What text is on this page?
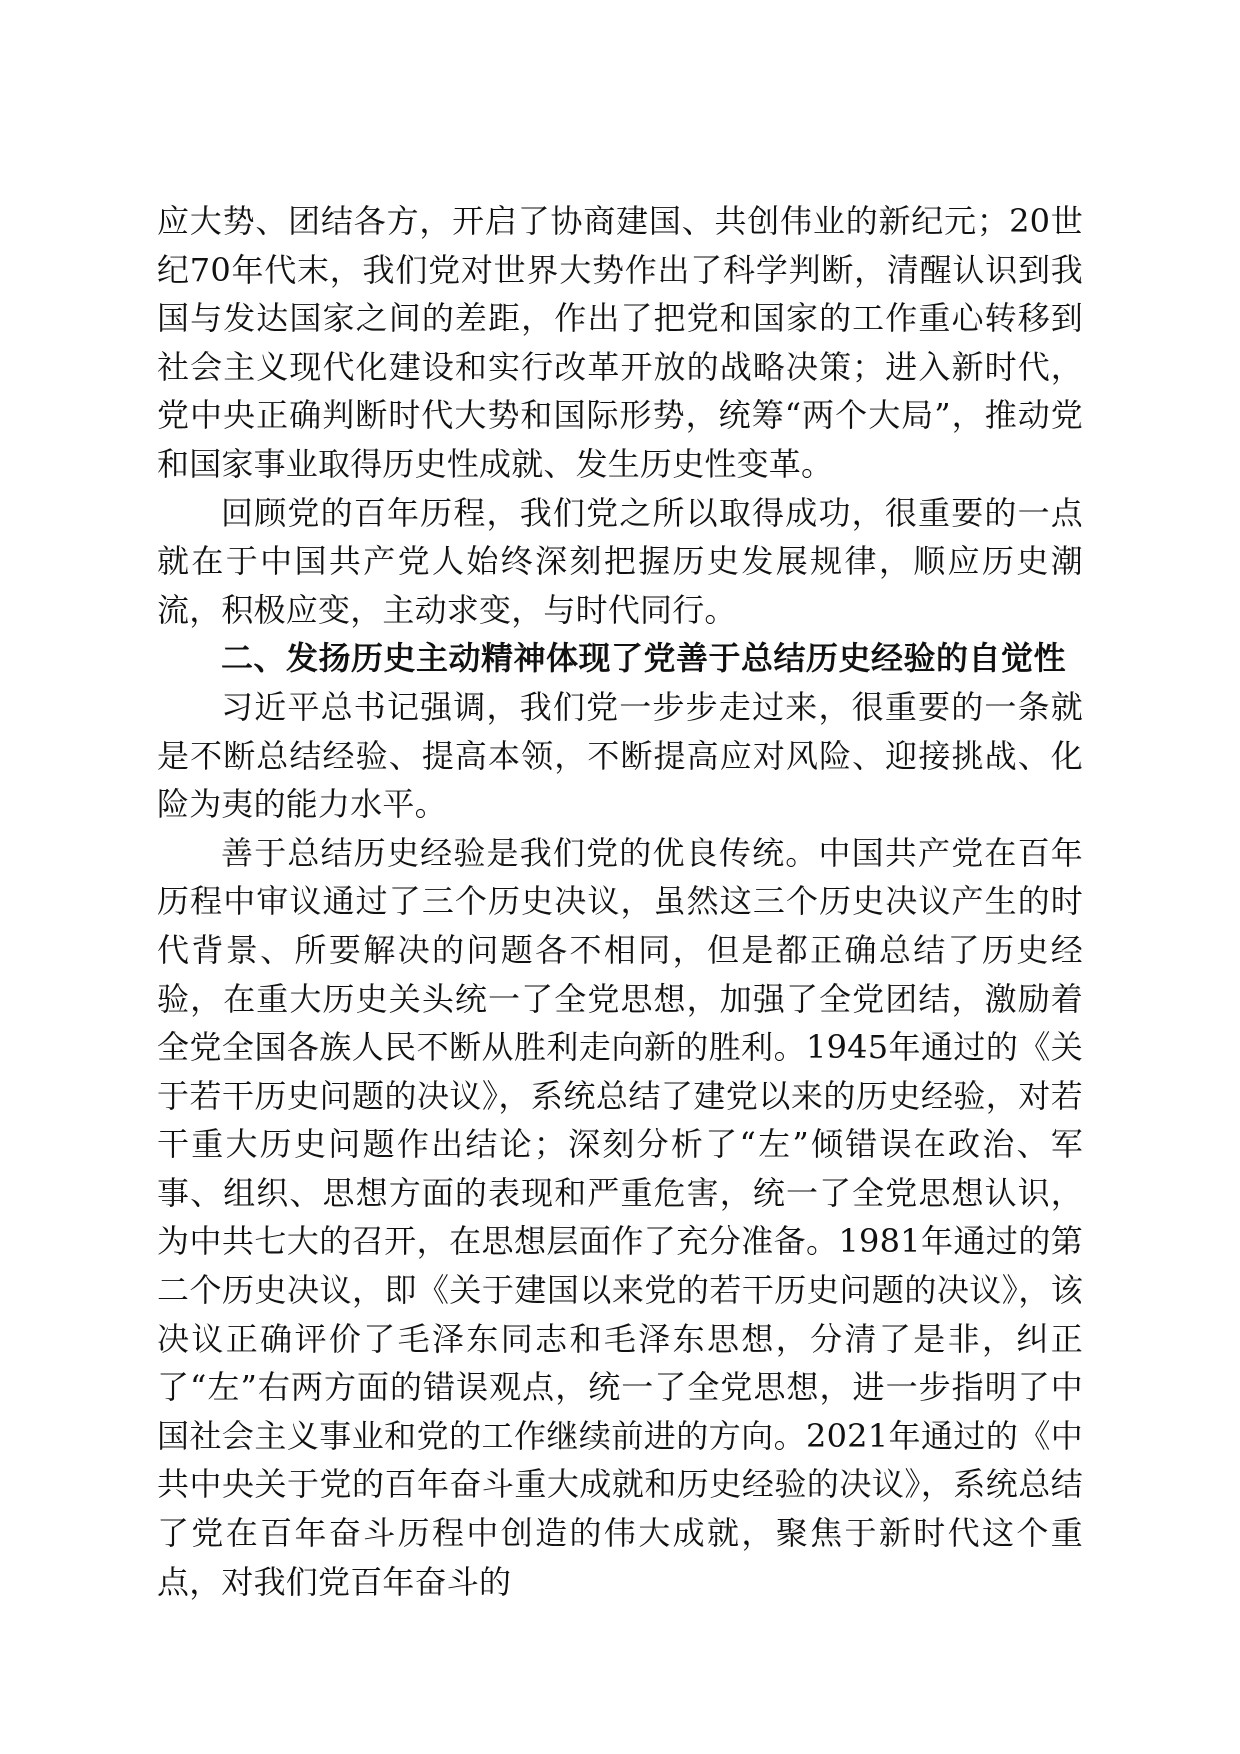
应大势、团结各方，开启了协商建国、共创伟业的新纪元；20世纪70年代末，我们党对世界大势作出了科学判断，清醒认识到我国与发达国家之间的差距，作出了把党和国家的工作重心转移到社会主义现代化建设和实行改革开放的战略决策；进入新时代，党中央正确判断时代大势和国际形势，统筹“两个大局”，推动党和国家事业取得历史性成就、发生历史性变革。

回顾党的百年历程，我们党之所以取得成功，很重要的一点就在于中国共产党人始终深刻把握历史发展规律，顺应历史潮流，积极应变，主动求变，与时代同行。

二、发扬历史主动精神体现了党善于总结历史经验的自觉性

习近平总书记强调，我们党一步步走过来，很重要的一条就是不断总结经验、提高本领，不断提高应对风险、迎接挑战、化险为夷的能力水平。

善于总结历史经验是我们党的优良传统。中国共产党在百年历程中审议通过了三个历史决议，虽然这三个历史决议产生的时代背景、所要解决的问题各不相同，但是都正确总结了历史经验，在重大历史关头统一了全党思想，加强了全党团结，激励着全党全国各族人民不断从胜利走向新的胜利。1945年通过的《关于若干历史问题的决议》，系统总结了建党以来的历史经验，对若干重大历史问题作出结论；深刻分析了“左”倾错误在政治、军事、组织、思想方面的表现和严重危害，统一了全党思想认识，为中共七大的召开，在思想层面作了充分准备。1981年通过的第二个历史决议，即《关于建国以来党的若干历史问题的决议》，该决议正确评价了毛泽东同志和毛泽东思想，分清了是非，纠正了“左”右两方面的错误观点，统一了全党思想，进一步指明了中国社会主义事业和党的工作继续前进的方向。2021年通过的《中共中央关于党的百年奋斗重大成就和历史经验的决议》，系统总结了党在百年奋斗历程中创造的伟大成就，聚焦于新时代这个重点，对我们党百年奋斗的
